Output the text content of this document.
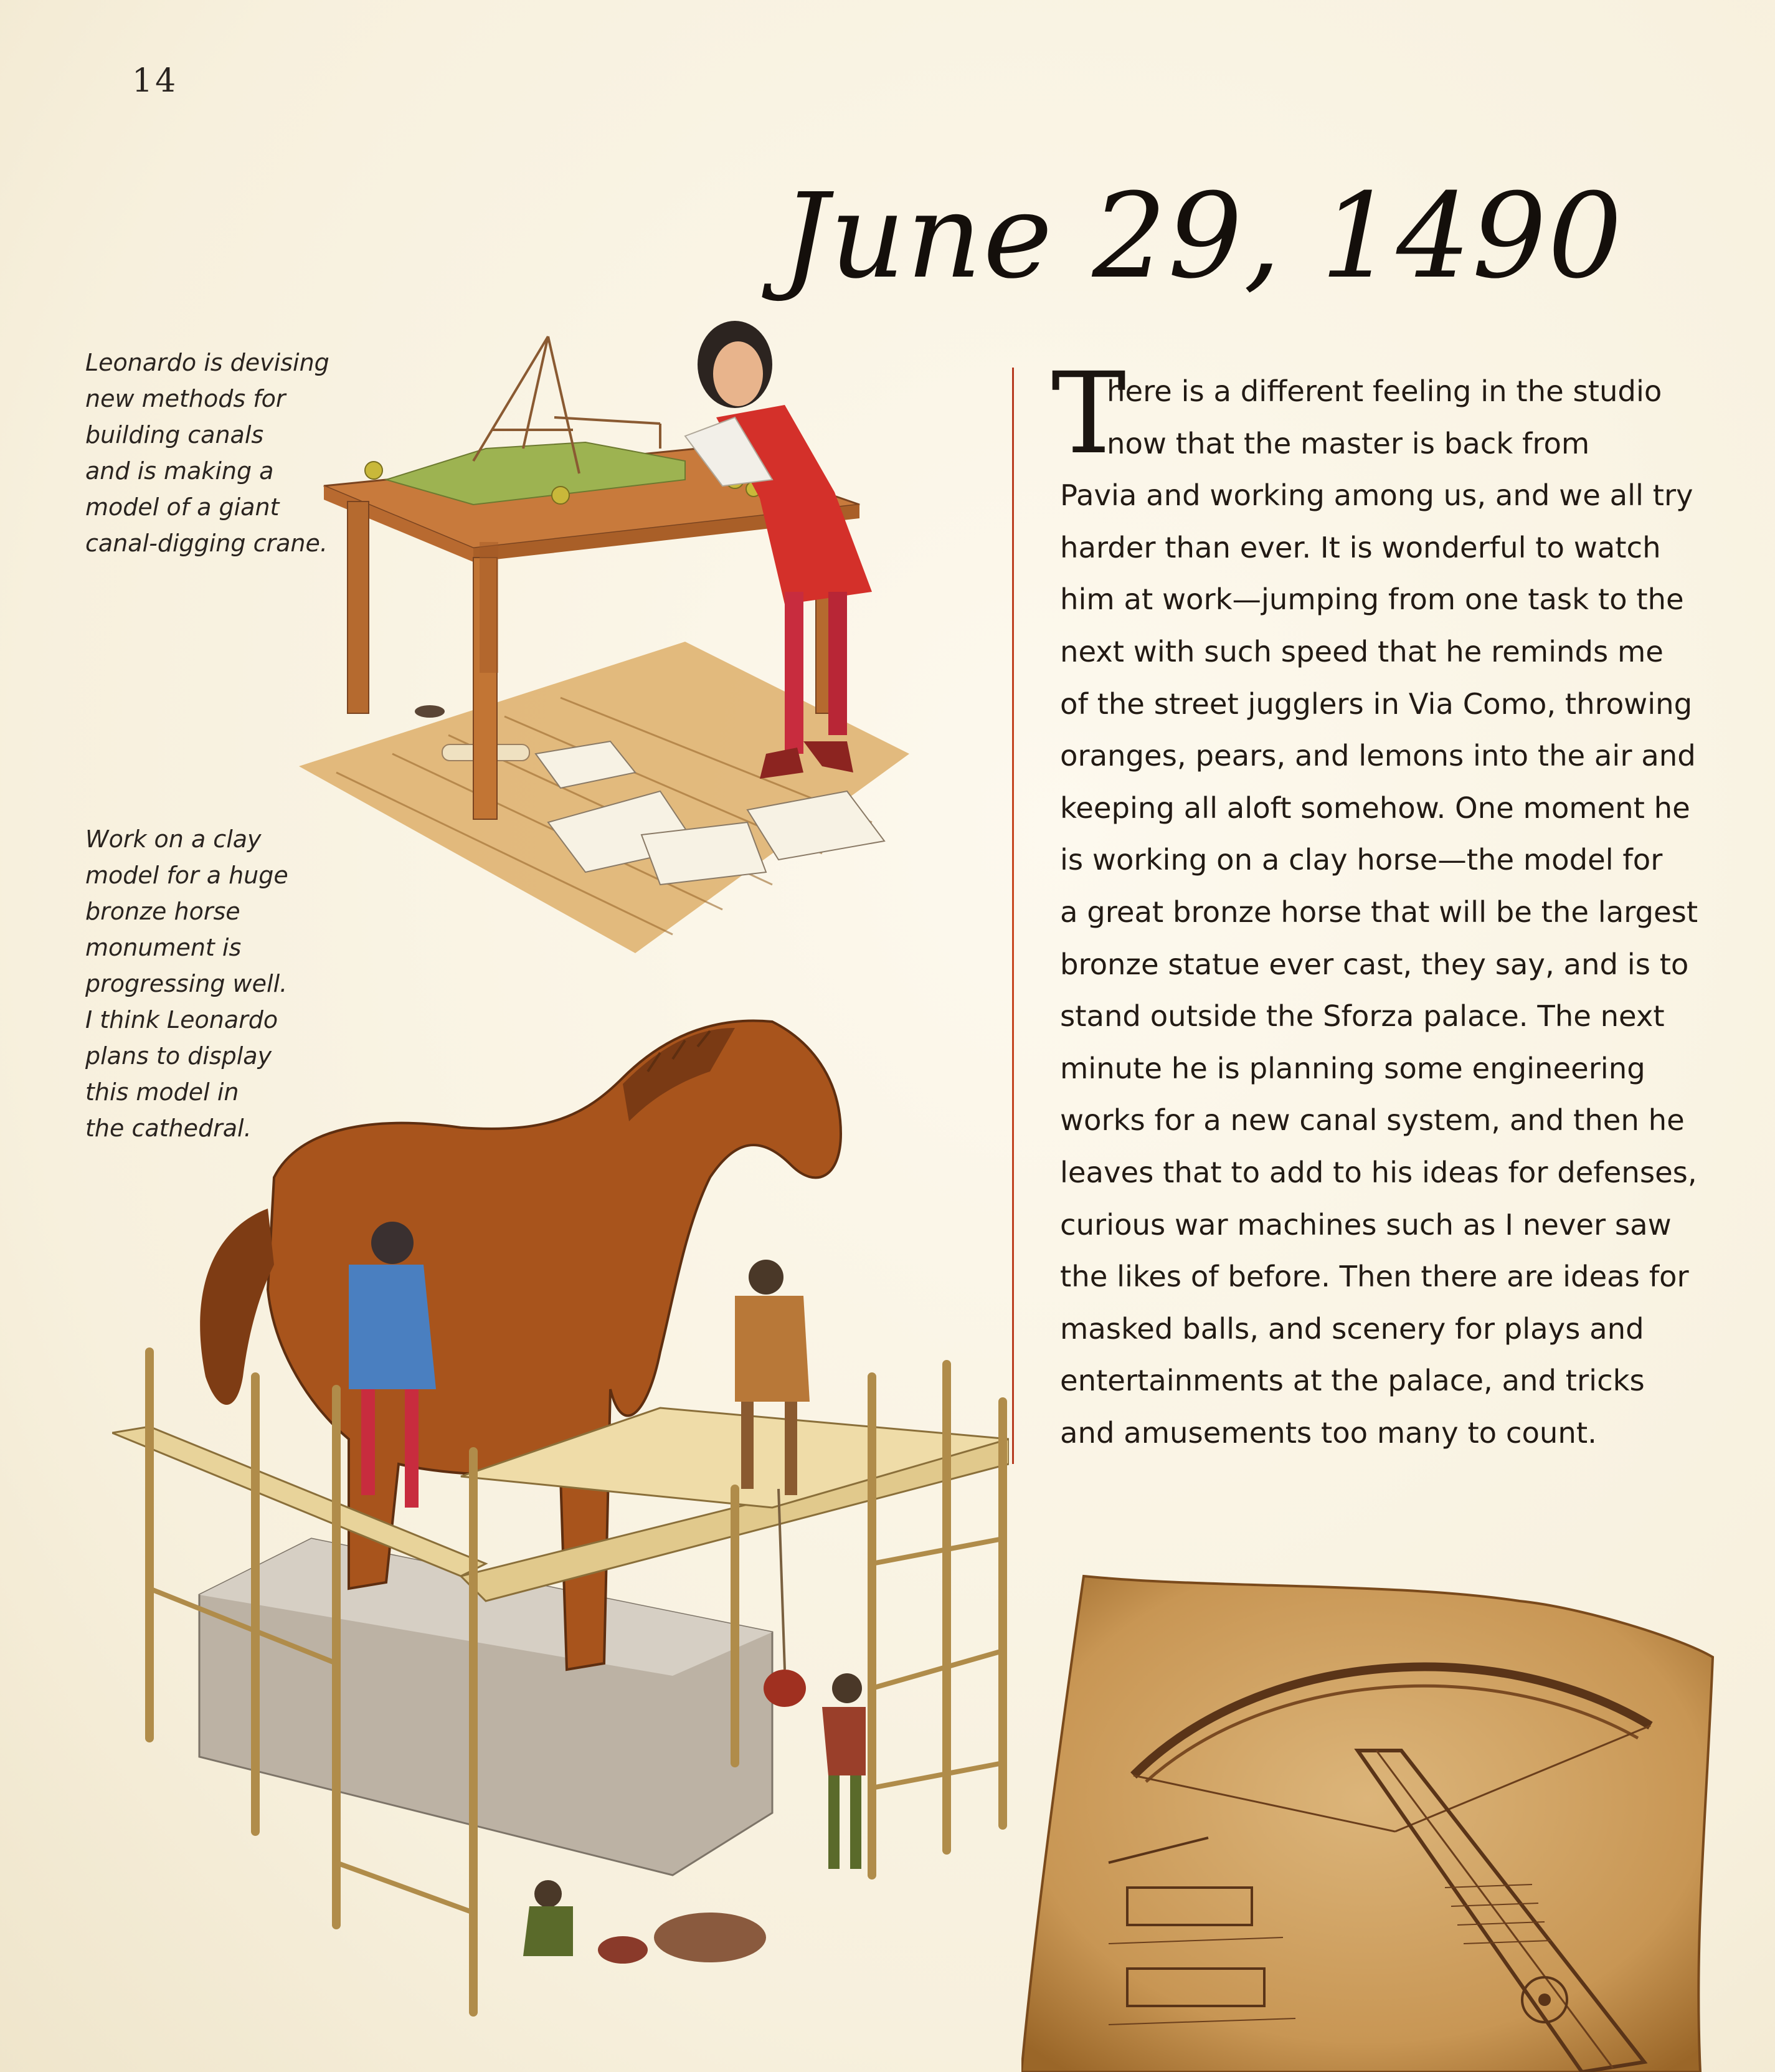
14
June 29, 1490
Leonardo is devising
new methods for
building canals
and is making a
model of a giant
canal-digging crane.
Work on a clay
model for a huge
bronze horse
monument is
progressing well.
I think Leonardo
plans to display
this model in
the cathedral.
T
here is a different feeling in the studio
now that the master is back from
Pavia and working among us, and we all try
harder than ever. It is wonderful to watch
him at work—jumping from one task to the
next with such speed that he reminds me
of the street jugglers in Via Como, throwing
oranges, pears, and lemons into the air and
keeping all aloft somehow. One moment he
is working on a clay horse—the model for
a great bronze horse that will be the largest
bronze statue ever cast, they say, and is to
stand outside the Sforza palace. The next
minute he is planning some engineering
works for a new canal system, and then he
leaves that to add to his ideas for defenses,
curious war machines such as I never saw
the likes of before. Then there are ideas for
masked balls, and scenery for plays and
entertainments at the palace, and tricks
and amusements too many to count.
